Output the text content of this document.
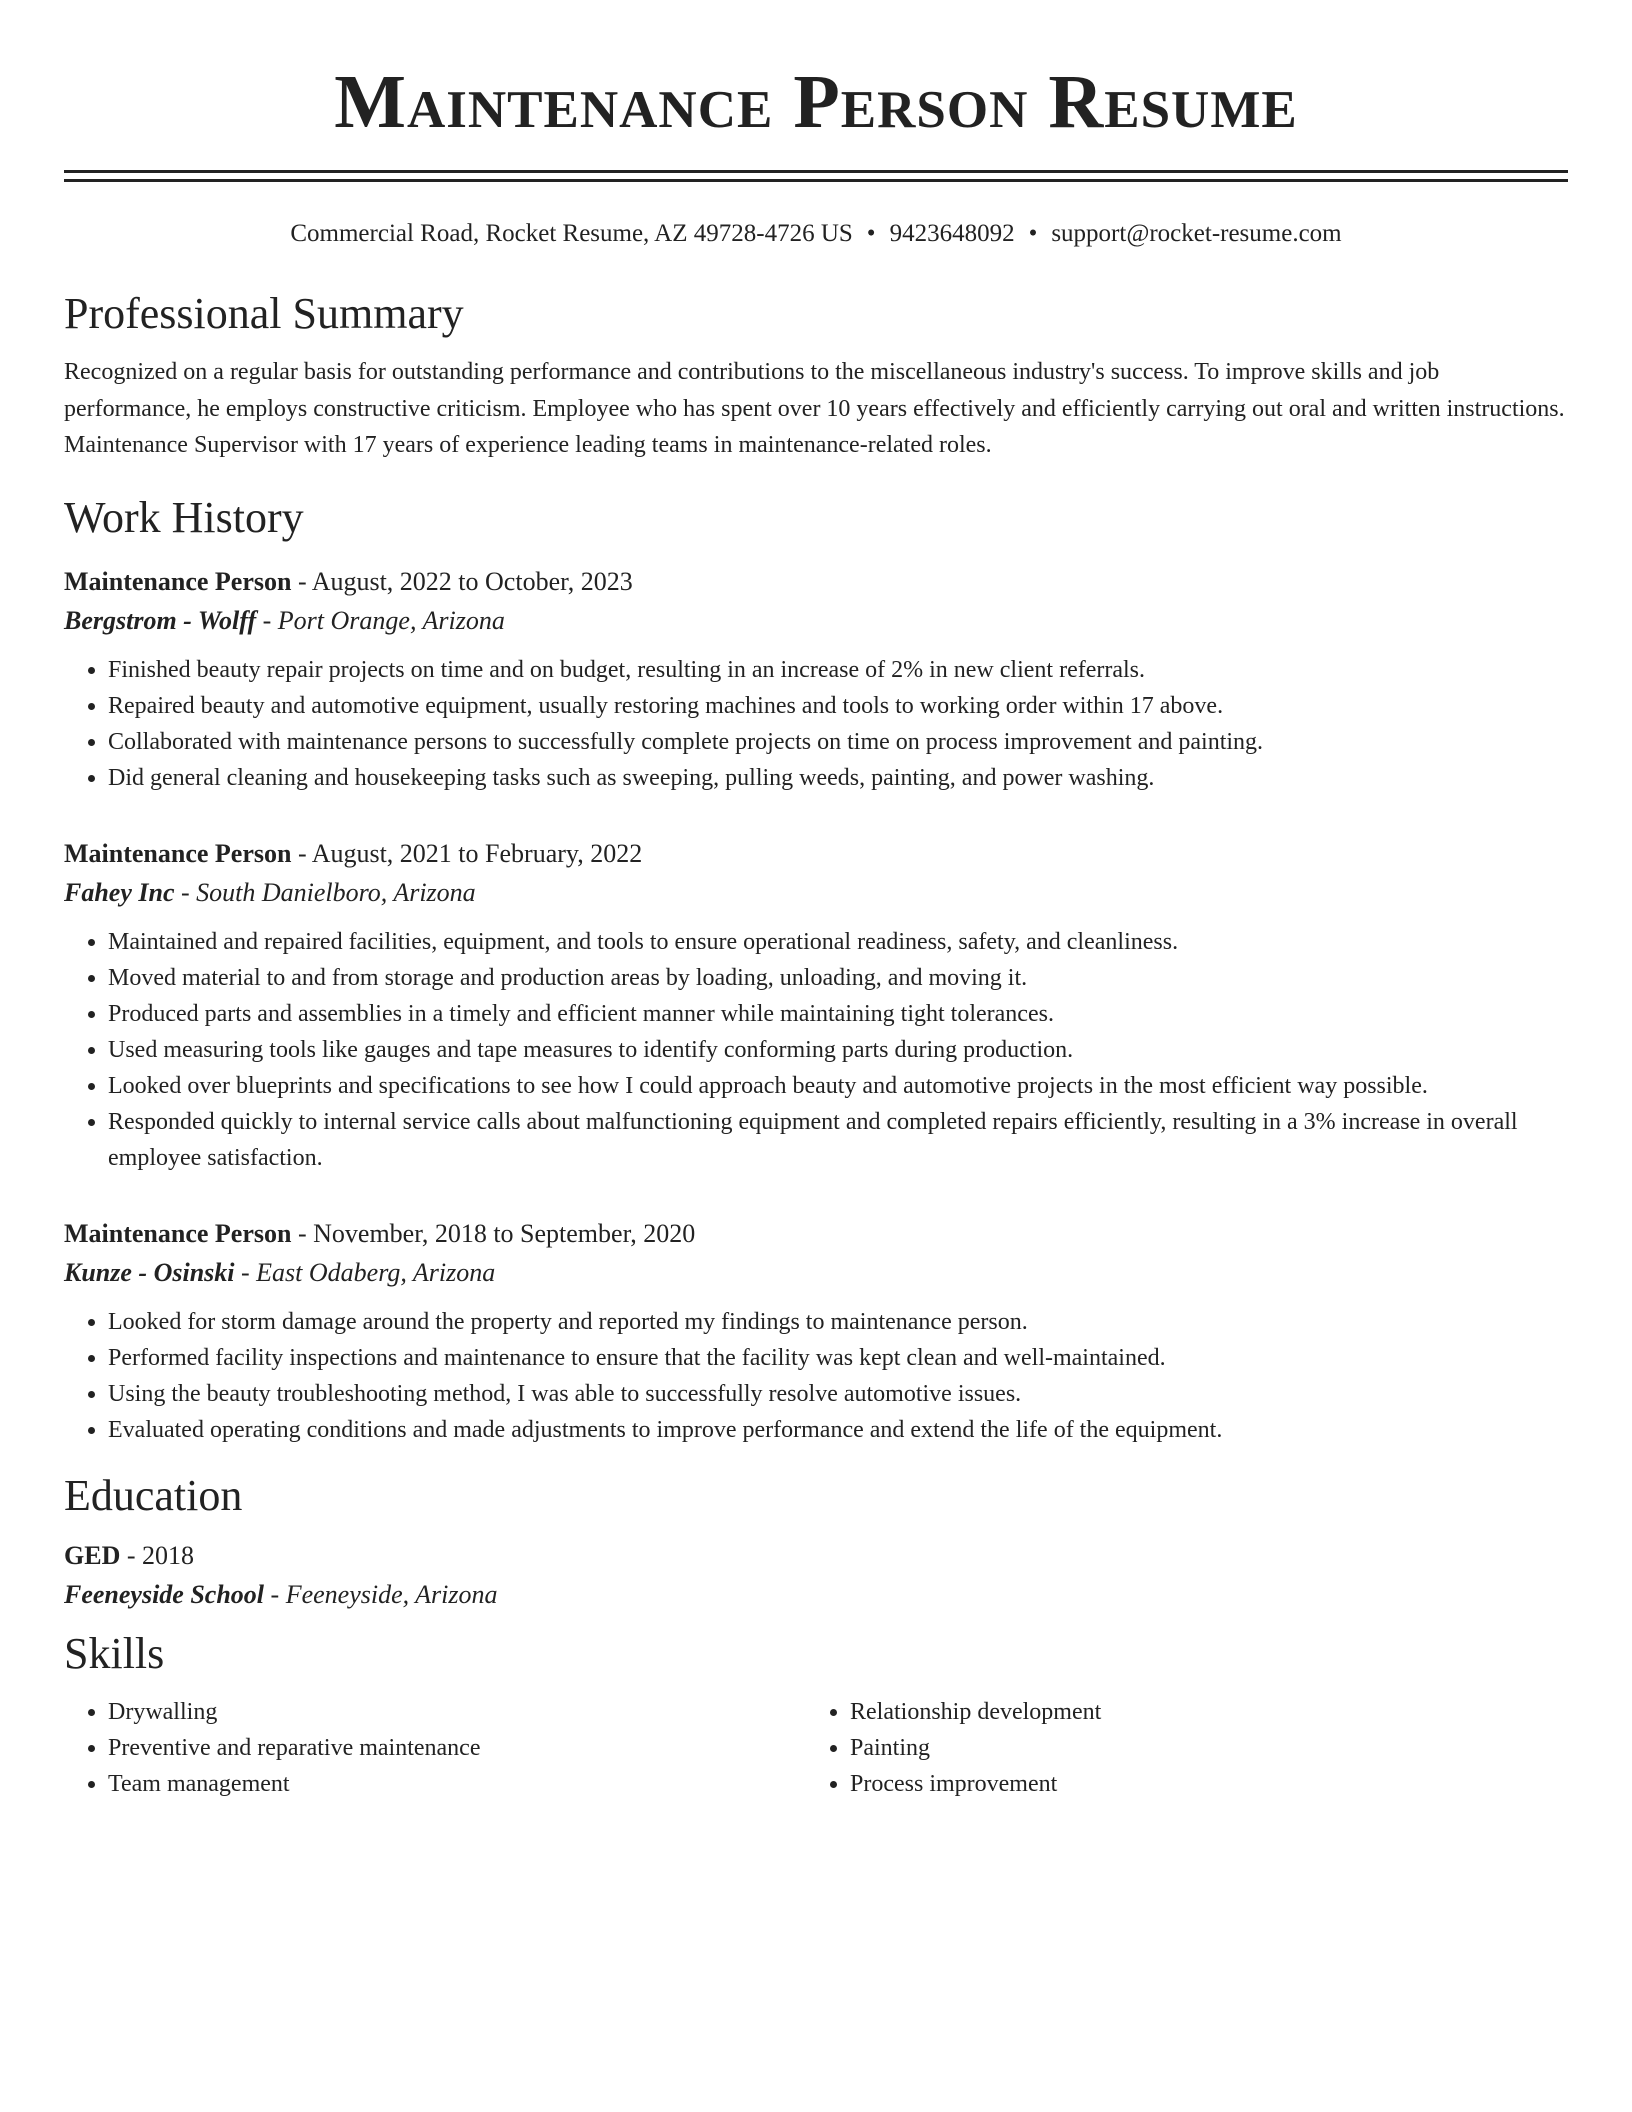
Maintenance Person Resume
Commercial Road, Rocket Resume, AZ 49728-4726 US • 9423648092 • support@rocket-resume.com
Professional Summary

Recognized on a regular basis for outstanding performance and contributions to the miscellaneous industry's success. To improve skills and job performance, he employs constructive criticism. Employee who has spent over 10 years effectively and efficiently carrying out oral and written instructions. Maintenance Supervisor with 17 years of experience leading teams in maintenance-related roles.

Work History
Maintenance Person - August, 2022 to October, 2023
Bergstrom - Wolff - Port Orange, Arizona
• Finished beauty repair projects on time and on budget, resulting in an increase of 2% in new client referrals.
• Repaired beauty and automotive equipment, usually restoring machines and tools to working order within 17 above.
• Collaborated with maintenance persons to successfully complete projects on time on process improvement and painting.
• Did general cleaning and housekeeping tasks such as sweeping, pulling weeds, painting, and power washing.
Maintenance Person - August, 2021 to February, 2022
Fahey Inc - South Danielboro, Arizona
• Maintained and repaired facilities, equipment, and tools to ensure operational readiness, safety, and cleanliness.
• Moved material to and from storage and production areas by loading, unloading, and moving it.
• Produced parts and assemblies in a timely and efficient manner while maintaining tight tolerances.
• Used measuring tools like gauges and tape measures to identify conforming parts during production.
• Looked over blueprints and specifications to see how I could approach beauty and automotive projects in the most efficient way possible.
• Responded quickly to internal service calls about malfunctioning equipment and completed repairs efficiently, resulting in a 3% increase in overall employee satisfaction.
Maintenance Person - November, 2018 to September, 2020
Kunze - Osinski - East Odaberg, Arizona
• Looked for storm damage around the property and reported my findings to maintenance person.
• Performed facility inspections and maintenance to ensure that the facility was kept clean and well-maintained.
• Using the beauty troubleshooting method, I was able to successfully resolve automotive issues.
• Evaluated operating conditions and made adjustments to improve performance and extend the life of the equipment.
Education
GED - 2018
Feeneyside School - Feeneyside, Arizona
Skills
• Drywalling
• Preventive and reparative maintenance
• Team management
• Relationship development
• Painting
• Process improvement
